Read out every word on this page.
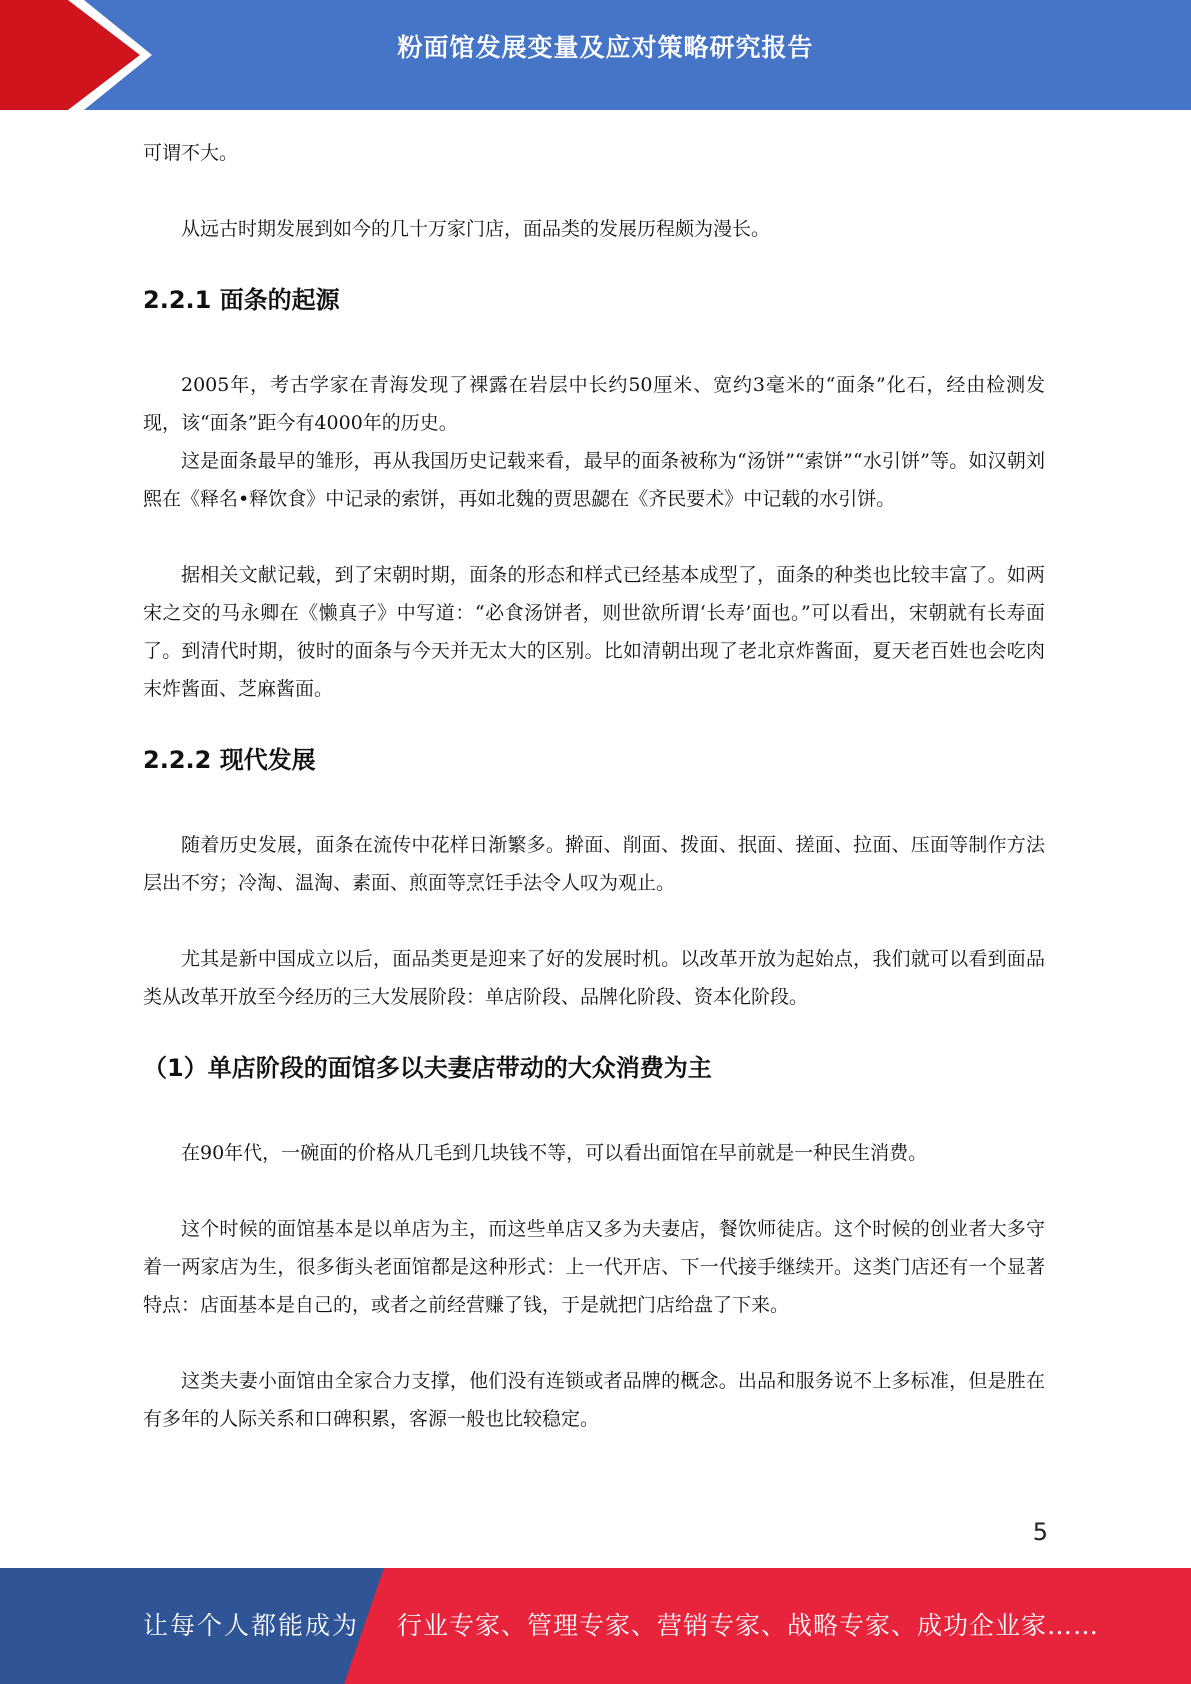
粉面馆发展变量及应对策略研究报告

可谓不大。

从远古时期发展到如今的几十万家门店，面品类的发展历程颇为漫长。

2.2.1 面条的起源

2005年，考古学家在青海发现了裸露在岩层中长约50厘米、宽约3毫米的“面条”化石，经由检测发现，该“面条”距今有4000年的历史。

这是面条最早的雏形，再从我国历史记载来看，最早的面条被称为“汤饼”“索饼”“水引饼”等。如汉朝刘熙在《释名•释饮食》中记录的索饼，再如北魏的贾思勰在《齐民要术》中记载的水引饼。

据相关文献记载，到了宋朝时期，面条的形态和样式已经基本成型了，面条的种类也比较丰富了。如两宋之交的马永卿在《懒真子》中写道：“必食汤饼者，则世欲所谓‘长寿’面也。”可以看出，宋朝就有长寿面了。到清代时期，彼时的面条与今天并无太大的区别。比如清朝出现了老北京炸酱面，夏天老百姓也会吃肉末炸酱面、芝麻酱面。

2.2.2 现代发展

随着历史发展，面条在流传中花样日渐繁多。擀面、削面、拨面、抿面、搓面、拉面、压面等制作方法层出不穷；冷淘、温淘、素面、煎面等烹饪手法令人叹为观止。

尤其是新中国成立以后，面品类更是迎来了好的发展时机。以改革开放为起始点，我们就可以看到面品类从改革开放至今经历的三大发展阶段：单店阶段、品牌化阶段、资本化阶段。

（1）单店阶段的面馆多以夫妻店带动的大众消费为主

在90年代，一碗面的价格从几毛到几块钱不等，可以看出面馆在早前就是一种民生消费。

这个时候的面馆基本是以单店为主，而这些单店又多为夫妻店，餐饮师徒店。这个时候的创业者大多守着一两家店为生，很多街头老面馆都是这种形式：上一代开店、下一代接手继续开。这类门店还有一个显著特点：店面基本是自己的，或者之前经营赚了钱，于是就把门店给盘了下来。

这类夫妻小面馆由全家合力支撑，他们没有连锁或者品牌的概念。出品和服务说不上多标准，但是胜在有多年的人际关系和口碑积累，客源一般也比较稳定。

5
让每个人都能成为 行业专家、管理专家、营销专家、战略专家、成功企业家……
